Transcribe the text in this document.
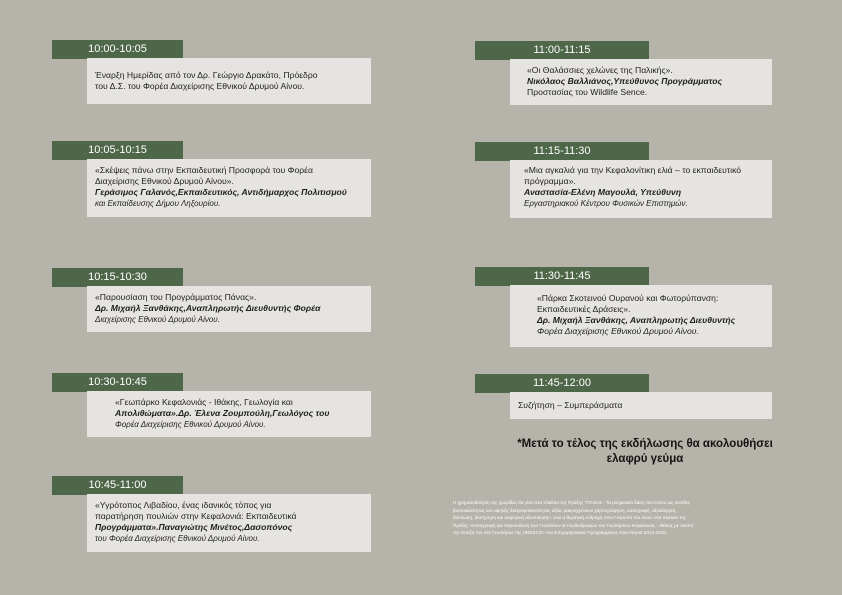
10:00-10:05

Έναρξη Ημερίδας από τον Δρ. Γεώργιο Δρακάτο, Πρόεδρο

του Δ.Σ. του Φορέα Διαχείρισης Εθνικού Δρυμού Αίνου.

10:05-10:15

«Σκέψεις πάνω στην Εκπαιδευτική Προσφορά του Φορέα

Διαχείρισης Εθνικού Δρυμού Αίνου».

Γεράσιμος Γαλανός,Εκπαιδευτικός, Αντιδήμαρχος Πολιτισμού

και Εκπαίδευσης Δήμου Ληξουρίου.

10:15-10:30

«Παρουσίαση του Προγράμματος Πάνας».

Δρ. Μιχαήλ Ξανθάκης,Αναπληρωτής Διευθυντής Φορέα

Διαχείρισης Εθνικού Δρυμού Αίνου.

10:30-10:45

«Γεωπάρκο Κεφαλονιάς - Ιθάκης, Γεωλογία και

Απολιθώματα».Δρ. Έλενα Ζουμπούλη,Γεωλόγος του

Φορέα Διαχείρισης Εθνικού Δρυμού Αίνου.

10:45-11:00

«Υγρότοπος Λιβαδίου, ένας ιδανικός τόπος για

παρατήρηση πουλιών στην Κεφαλονιά: Εκπαιδευτικά

Προγράμματα».Παναγιώτης Μινέτος,Δασοπόνος

του Φορέα Διαχείρισης Εθνικού Δρυμού Αίνου.

11:00-11:15

«Οι Θαλάσσιες χελώνες της Παλικής».

Νικόλαος Βαλλιάνος,Υπεύθυνος Προγράμματος

Προστασίας του Wildlife Sence.

11:15-11:30

«Μια αγκαλιά για την Κεφαλονίτικη ελιά – το εκπαιδευτικό

πρόγραμμα».

Αναστασία-Ελένη Μαγουλά, Υπεύθυνη

Εργαστηριακού Κέντρου Φυσικών Επιστημών.

11:30-11:45

«Πάρκα Σκοτεινού Ουρανού και Φωτορύπανση:

Εκπαιδευτικές Δράσεις».

Δρ. Μιχαήλ Ξανθάκης, Αναπληρωτής Διευθυντής

Φορέα Διαχείρισης Εθνικού Δρυμού Αίνου.

11:45-12:00

Συζήτηση – Συμπεράσματα

*Μετά το τέλος της εκδήλωσης θα ακολουθήσει

ελαφρύ γεύμα

Η χρηματοδότηση της ημερίδας θα γίνει στα πλαίσια της Πράξης "ΠΑΝΑΣ - Τα μνημειακά δάση του Ιονίου ως κοιτίδες

βιοποικιλότητας και υψηλής διατροφοϊκανότητας αξίας μακροχρόνιων χαρτογράφηση, καταγραφή, αξιολόγηση,

δικτύωση, διατήρηση και αειφορική αξιοποίηση», ενώ η θεματική ενδροχή στον Γεώτοπο του Αίνου στα πλαίσια της

Πράξης «Καταγραφή και παρουσίαση των Γεωτόπων & Γεωδιαδρομών του Γεωπάρκου Κεφαλονιάς - Ιθάκης με σκοπό

την ένταξη του στα Γεωπάρκα της UNESCO» του Επιχειρησιακού Προγράμματος Ιόνια Νησιά 2014-2020.
